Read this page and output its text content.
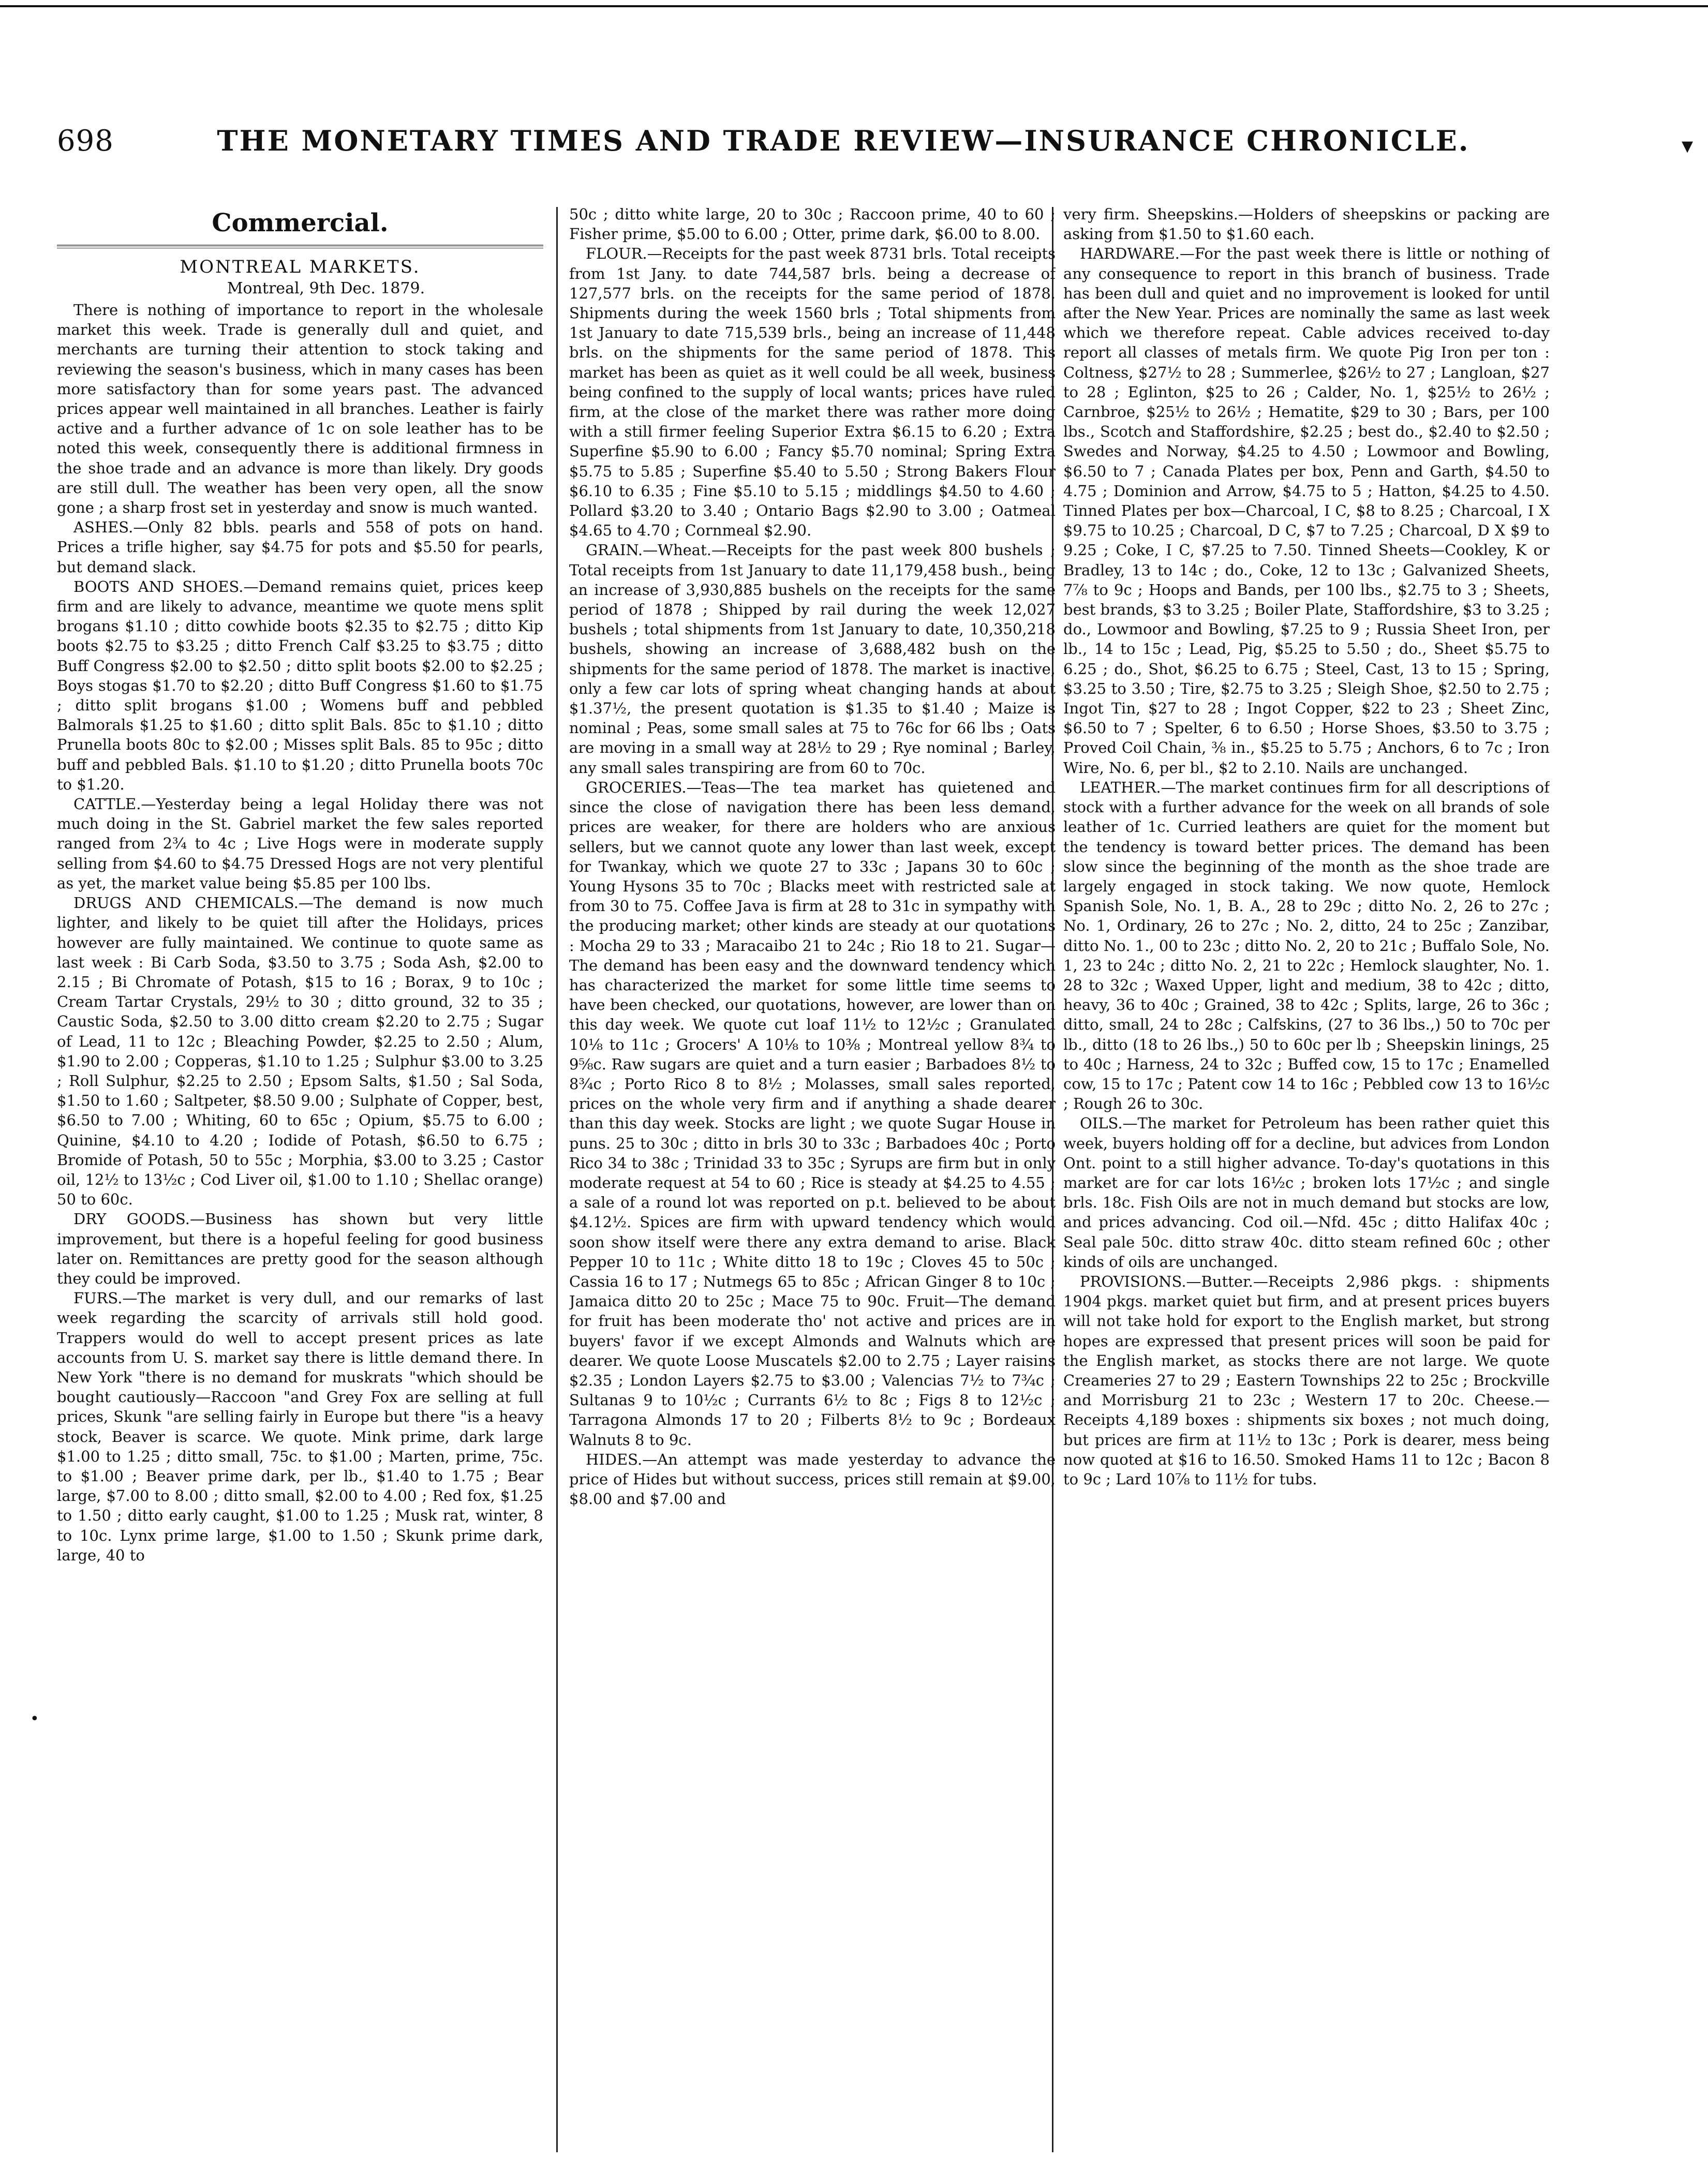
698	THE MONETARY TIMES AND TRADE REVIEW—INSURANCE CHRONICLE.	▾
Commercial.
MONTREAL MARKETS.
Montreal, 9th Dec. 1879.

There is nothing of importance to report in the wholesale market this week. Trade is generally dull and quiet, and merchants are turning their attention to stock taking and reviewing the season's business, which in many cases has been more satisfactory than for some years past. The advanced prices appear well maintained in all branches. Leather is fairly active and a further advance of 1c on sole leather has to be noted this week, consequently there is additional firmness in the shoe trade and an advance is more than likely. Dry goods are still dull. The weather has been very open, all the snow gone ; a sharp frost set in yesterday and snow is much wanted.

ASHES.—Only 82 bbls. pearls and 558 of pots on hand. Prices a trifle higher, say $4.75 for pots and $5.50 for pearls, but demand slack.

BOOTS AND SHOES.—Demand remains quiet, prices keep firm and are likely to advance, meantime we quote mens split brogans $1.10 ; ditto cowhide boots $2.35 to $2.75 ; ditto Kip boots $2.75 to $3.25 ; ditto French Calf $3.25 to $3.75 ; ditto Buff Congress $2.00 to $2.50 ; ditto split boots $2.00 to $2.25 ; Boys stogas $1.70 to $2.20 ; ditto Buff Congress $1.60 to $1.75 ; ditto split brogans $1.00 ; Womens buff and pebbled Balmorals $1.25 to $1.60 ; ditto split Bals. 85c to $1.10 ; ditto Prunella boots 80c to $2.00 ; Misses split Bals. 85 to 95c ; ditto buff and pebbled Bals. $1.10 to $1.20 ; ditto Prunella boots 70c to $1.20.

CATTLE.—Yesterday being a legal Holiday there was not much doing in the St. Gabriel market the few sales reported ranged from 2¾ to 4c ; Live Hogs were in moderate supply selling from $4.60 to $4.75 Dressed Hogs are not very plentiful as yet, the market value being $5.85 per 100 lbs.

DRUGS AND CHEMICALS.—The demand is now much lighter, and likely to be quiet till after the Holidays, prices however are fully maintained. We continue to quote same as last week : Bi Carb Soda, $3.50 to 3.75 ; Soda Ash, $2.00 to 2.15 ; Bi Chromate of Potash, $15 to 16 ; Borax, 9 to 10c ; Cream Tartar Crystals, 29½ to 30 ; ditto ground, 32 to 35 ; Caustic Soda, $2.50 to 3.00 ditto cream $2.20 to 2.75 ; Sugar of Lead, 11 to 12c ; Bleaching Powder, $2.25 to 2.50 ; Alum, $1.90 to 2.00 ; Copperas, $1.10 to 1.25 ; Sulphur $3.00 to 3.25 ; Roll Sulphur, $2.25 to 2.50 ; Epsom Salts, $1.50 ; Sal Soda, $1.50 to 1.60 ; Saltpeter, $8.50 9.00 ; Sulphate of Copper, best, $6.50 to 7.00 ; Whiting, 60 to 65c ; Opium, $5.75 to 6.00 ; Quinine, $4.10 to 4.20 ; Iodide of Potash, $6.50 to 6.75 ; Bromide of Potash, 50 to 55c ; Morphia, $3.00 to 3.25 ; Castor oil, 12½ to 13½c ; Cod Liver oil, $1.00 to 1.10 ; Shellac orange) 50 to 60c.

DRY GOODS.—Business has shown but very little improvement, but there is a hopeful feeling for good business later on. Remittances are pretty good for the season although they could be improved.

FURS.—The market is very dull, and our remarks of last week regarding the scarcity of arrivals still hold good. Trappers would do well to accept present prices as late accounts from U. S. market say there is little demand there. In New York "there is no demand for muskrats "which should be bought cautiously—Raccoon "and Grey Fox are selling at full prices, Skunk "are selling fairly in Europe but there "is a heavy stock, Beaver is scarce. We quote. Mink prime, dark large $1.00 to 1.25 ; ditto small, 75c. to $1.00 ; Marten, prime, 75c. to $1.00 ; Beaver prime dark, per lb., $1.40 to 1.75 ; Bear large, $7.00 to 8.00 ; ditto small, $2.00 to 4.00 ; Red fox, $1.25 to 1.50 ; ditto early caught, $1.00 to 1.25 ; Musk rat, winter, 8 to 10c. Lynx prime large, $1.00 to 1.50 ; Skunk prime dark, large, 40 to

50c ; ditto white large, 20 to 30c ; Raccoon prime, 40 to 60 ; Fisher prime, $5.00 to 6.00 ; Otter, prime dark, $6.00 to 8.00.

FLOUR.—Receipts for the past week 8731 brls. Total receipts from 1st Jany. to date 744,587 brls. being a decrease of 127,577 brls. on the receipts for the same period of 1878. Shipments during the week 1560 brls ; Total shipments from 1st January to date 715,539 brls., being an increase of 11,448 brls. on the shipments for the same period of 1878. This market has been as quiet as it well could be all week, business being confined to the supply of local wants; prices have ruled firm, at the close of the market there was rather more doing with a still firmer feeling Superior Extra $6.15 to 6.20 ; Extra Superfine $5.90 to 6.00 ; Fancy $5.70 nominal; Spring Extra $5.75 to 5.85 ; Superfine $5.40 to 5.50 ; Strong Bakers Flour $6.10 to 6.35 ; Fine $5.10 to 5.15 ; middlings $4.50 to 4.60 ; Pollard $3.20 to 3.40 ; Ontario Bags $2.90 to 3.00 ; Oatmeal $4.65 to 4.70 ; Cornmeal $2.90.

GRAIN.—Wheat.—Receipts for the past week 800 bushels ; Total receipts from 1st January to date 11,179,458 bush., being an increase of 3,930,885 bushels on the receipts for the same period of 1878 ; Shipped by rail during the week 12,027 bushels ; total shipments from 1st January to date, 10,350,218 bushels, showing an increase of 3,688,482 bush on the shipments for the same period of 1878. The market is inactive, only a few car lots of spring wheat changing hands at about $1.37½, the present quotation is $1.35 to $1.40 ; Maize is nominal ; Peas, some small sales at 75 to 76c for 66 lbs ; Oats are moving in a small way at 28½ to 29 ; Rye nominal ; Barley, any small sales transpiring are from 60 to 70c.

GROCERIES.—Teas—The tea market has quietened and since the close of navigation there has been less demand, prices are weaker, for there are holders who are anxious sellers, but we cannot quote any lower than last week, except for Twankay, which we quote 27 to 33c ; Japans 30 to 60c ; Young Hysons 35 to 70c ; Blacks meet with restricted sale at from 30 to 75. Coffee Java is firm at 28 to 31c in sympathy with the producing market; other kinds are steady at our quotations : Mocha 29 to 33 ; Maracaibo 21 to 24c ; Rio 18 to 21. Sugar—The demand has been easy and the downward tendency which has characterized the market for some little time seems to have been checked, our quotations, however, are lower than on this day week. We quote cut loaf 11½ to 12½c ; Granulated 10⅛ to 11c ; Grocers' A 10⅛ to 10⅜ ; Montreal yellow 8¾ to 9⅝c. Raw sugars are quiet and a turn easier ; Barbadoes 8½ to 8¾c ; Porto Rico 8 to 8½ ; Molasses, small sales reported, prices on the whole very firm and if anything a shade dearer than this day week. Stocks are light ; we quote Sugar House in puns. 25 to 30c ; ditto in brls 30 to 33c ; Barbadoes 40c ; Porto Rico 34 to 38c ; Trinidad 33 to 35c ; Syrups are firm but in only moderate request at 54 to 60 ; Rice is steady at $4.25 to 4.55 ; a sale of a round lot was reported on p.t. believed to be about $4.12½. Spices are firm with upward tendency which would soon show itself were there any extra demand to arise. Black Pepper 10 to 11c ; White ditto 18 to 19c ; Cloves 45 to 50c ; Cassia 16 to 17 ; Nutmegs 65 to 85c ; African Ginger 8 to 10c ; Jamaica ditto 20 to 25c ; Mace 75 to 90c. Fruit—The demand for fruit has been moderate tho' not active and prices are in buyers' favor if we except Almonds and Walnuts which are dearer. We quote Loose Muscatels $2.00 to 2.75 ; Layer raisins $2.35 ; London Layers $2.75 to $3.00 ; Valencias 7½ to 7¾c ; Sultanas 9 to 10½c ; Currants 6½ to 8c ; Figs 8 to 12½c ; Tarragona Almonds 17 to 20 ; Filberts 8½ to 9c ; Bordeaux Walnuts 8 to 9c.

HIDES.—An attempt was made yesterday to advance the price of Hides but without success, prices still remain at $9.00, $8.00 and $7.00 and

very firm. Sheepskins.—Holders of sheepskins or packing are asking from $1.50 to $1.60 each.

HARDWARE.—For the past week there is little or nothing of any consequence to report in this branch of business. Trade has been dull and quiet and no improvement is looked for until after the New Year. Prices are nominally the same as last week which we therefore repeat. Cable advices received to-day report all classes of metals firm. We quote Pig Iron per ton : Coltness, $27½ to 28 ; Summerlee, $26½ to 27 ; Langloan, $27 to 28 ; Eglinton, $25 to 26 ; Calder, No. 1, $25½ to 26½ ; Carnbroe, $25½ to 26½ ; Hematite, $29 to 30 ; Bars, per 100 lbs., Scotch and Staffordshire, $2.25 ; best do., $2.40 to $2.50 ; Swedes and Norway, $4.25 to 4.50 ; Lowmoor and Bowling, $6.50 to 7 ; Canada Plates per box, Penn and Garth, $4.50 to 4.75 ; Dominion and Arrow, $4.75 to 5 ; Hatton, $4.25 to 4.50. Tinned Plates per box—Charcoal, I C, $8 to 8.25 ; Charcoal, I X $9.75 to 10.25 ; Charcoal, D C, $7 to 7.25 ; Charcoal, D X $9 to 9.25 ; Coke, I C, $7.25 to 7.50. Tinned Sheets—Cookley, K or Bradley, 13 to 14c ; do., Coke, 12 to 13c ; Galvanized Sheets, 7⅞ to 9c ; Hoops and Bands, per 100 lbs., $2.75 to 3 ; Sheets, best brands, $3 to 3.25 ; Boiler Plate, Staffordshire, $3 to 3.25 ; do., Lowmoor and Bowling, $7.25 to 9 ; Russia Sheet Iron, per lb., 14 to 15c ; Lead, Pig, $5.25 to 5.50 ; do., Sheet $5.75 to 6.25 ; do., Shot, $6.25 to 6.75 ; Steel, Cast, 13 to 15 ; Spring, $3.25 to 3.50 ; Tire, $2.75 to 3.25 ; Sleigh Shoe, $2.50 to 2.75 ; Ingot Tin, $27 to 28 ; Ingot Copper, $22 to 23 ; Sheet Zinc, $6.50 to 7 ; Spelter, 6 to 6.50 ; Horse Shoes, $3.50 to 3.75 ; Proved Coil Chain, ⅜ in., $5.25 to 5.75 ; Anchors, 6 to 7c ; Iron Wire, No. 6, per bl., $2 to 2.10. Nails are unchanged.

LEATHER.—The market continues firm for all descriptions of stock with a further advance for the week on all brands of sole leather of 1c. Curried leathers are quiet for the moment but the tendency is toward better prices. The demand has been slow since the beginning of the month as the shoe trade are largely engaged in stock taking. We now quote, Hemlock Spanish Sole, No. 1, B. A., 28 to 29c ; ditto No. 2, 26 to 27c ; No. 1, Ordinary, 26 to 27c ; No. 2, ditto, 24 to 25c ; Zanzibar, ditto No. 1., 00 to 23c ; ditto No. 2, 20 to 21c ; Buffalo Sole, No. 1, 23 to 24c ; ditto No. 2, 21 to 22c ; Hemlock slaughter, No. 1. 28 to 32c ; Waxed Upper, light and medium, 38 to 42c ; ditto, heavy, 36 to 40c ; Grained, 38 to 42c ; Splits, large, 26 to 36c ; ditto, small, 24 to 28c ; Calfskins, (27 to 36 lbs.,) 50 to 70c per lb., ditto (18 to 26 lbs.,) 50 to 60c per lb ; Sheepskin linings, 25 to 40c ; Harness, 24 to 32c ; Buffed cow, 15 to 17c ; Enamelled cow, 15 to 17c ; Patent cow 14 to 16c ; Pebbled cow 13 to 16½c ; Rough 26 to 30c.

OILS.—The market for Petroleum has been rather quiet this week, buyers holding off for a decline, but advices from London Ont. point to a still higher advance. To-day's quotations in this market are for car lots 16½c ; broken lots 17½c ; and single brls. 18c. Fish Oils are not in much demand but stocks are low, and prices advancing. Cod oil.—Nfd. 45c ; ditto Halifax 40c ; Seal pale 50c. ditto straw 40c. ditto steam refined 60c ; other kinds of oils are unchanged.

PROVISIONS.—Butter.—Receipts 2,986 pkgs. : shipments 1904 pkgs. market quiet but firm, and at present prices buyers will not take hold for export to the English market, but strong hopes are expressed that present prices will soon be paid for the English market, as stocks there are not large. We quote Creameries 27 to 29 ; Eastern Townships 22 to 25c ; Brockville and Morrisburg 21 to 23c ; Western 17 to 20c. Cheese.—Receipts 4,189 boxes : shipments six boxes ; not much doing, but prices are firm at 11½ to 13c ; Pork is dearer, mess being now quoted at $16 to 16.50. Smoked Hams 11 to 12c ; Bacon 8 to 9c ; Lard 10⅞ to 11½ for tubs.

•
